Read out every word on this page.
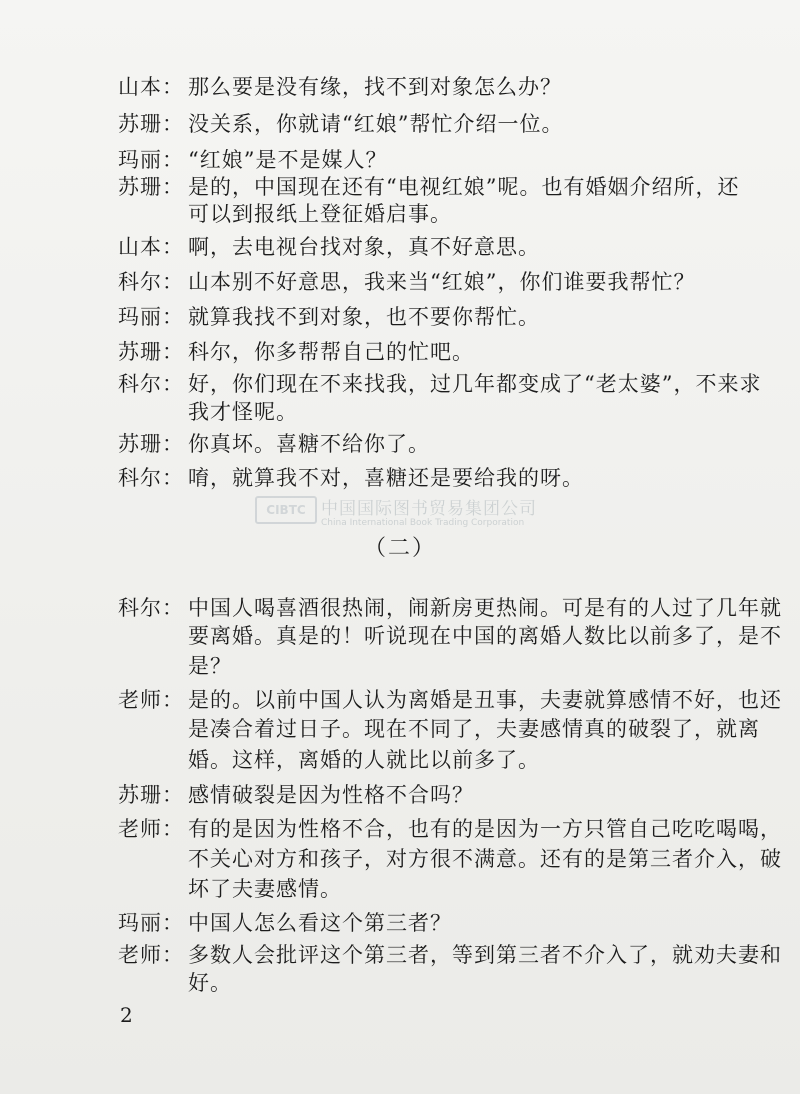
山本： 那么要是没有缘，找不到对象怎么办？
苏珊： 没关系，你就请“红娘”帮忙介绍一位。
玛丽： “红娘”是不是媒人？
苏珊： 是的，中国现在还有“电视红娘”呢。也有婚姻介绍所，还
可以到报纸上登征婚启事。
山本： 啊，去电视台找对象，真不好意思。
科尔： 山本别不好意思，我来当“红娘”，你们谁要我帮忙？
玛丽： 就算我找不到对象，也不要你帮忙。
苏珊： 科尔，你多帮帮自己的忙吧。
科尔： 好，你们现在不来找我，过几年都变成了“老太婆”，不来求
我才怪呢。
苏珊： 你真坏。喜糖不给你了。
科尔： 唷，就算我不对，喜糖还是要给我的呀。
CIBTC 中国国际图书贸易集团公司
China International Book Trading Corporation
（二）
科尔： 中国人喝喜酒很热闹，闹新房更热闹。可是有的人过了几年就
要离婚。真是的！听说现在中国的离婚人数比以前多了，是不
是？
老师： 是的。以前中国人认为离婚是丑事，夫妻就算感情不好，也还
是凑合着过日子。现在不同了，夫妻感情真的破裂了，就离
婚。这样，离婚的人就比以前多了。
苏珊： 感情破裂是因为性格不合吗？
老师： 有的是因为性格不合，也有的是因为一方只管自己吃吃喝喝，
不关心对方和孩子，对方很不满意。还有的是第三者介入，破
坏了夫妻感情。
玛丽： 中国人怎么看这个第三者？
老师： 多数人会批评这个第三者，等到第三者不介入了，就劝夫妻和
好。
2
